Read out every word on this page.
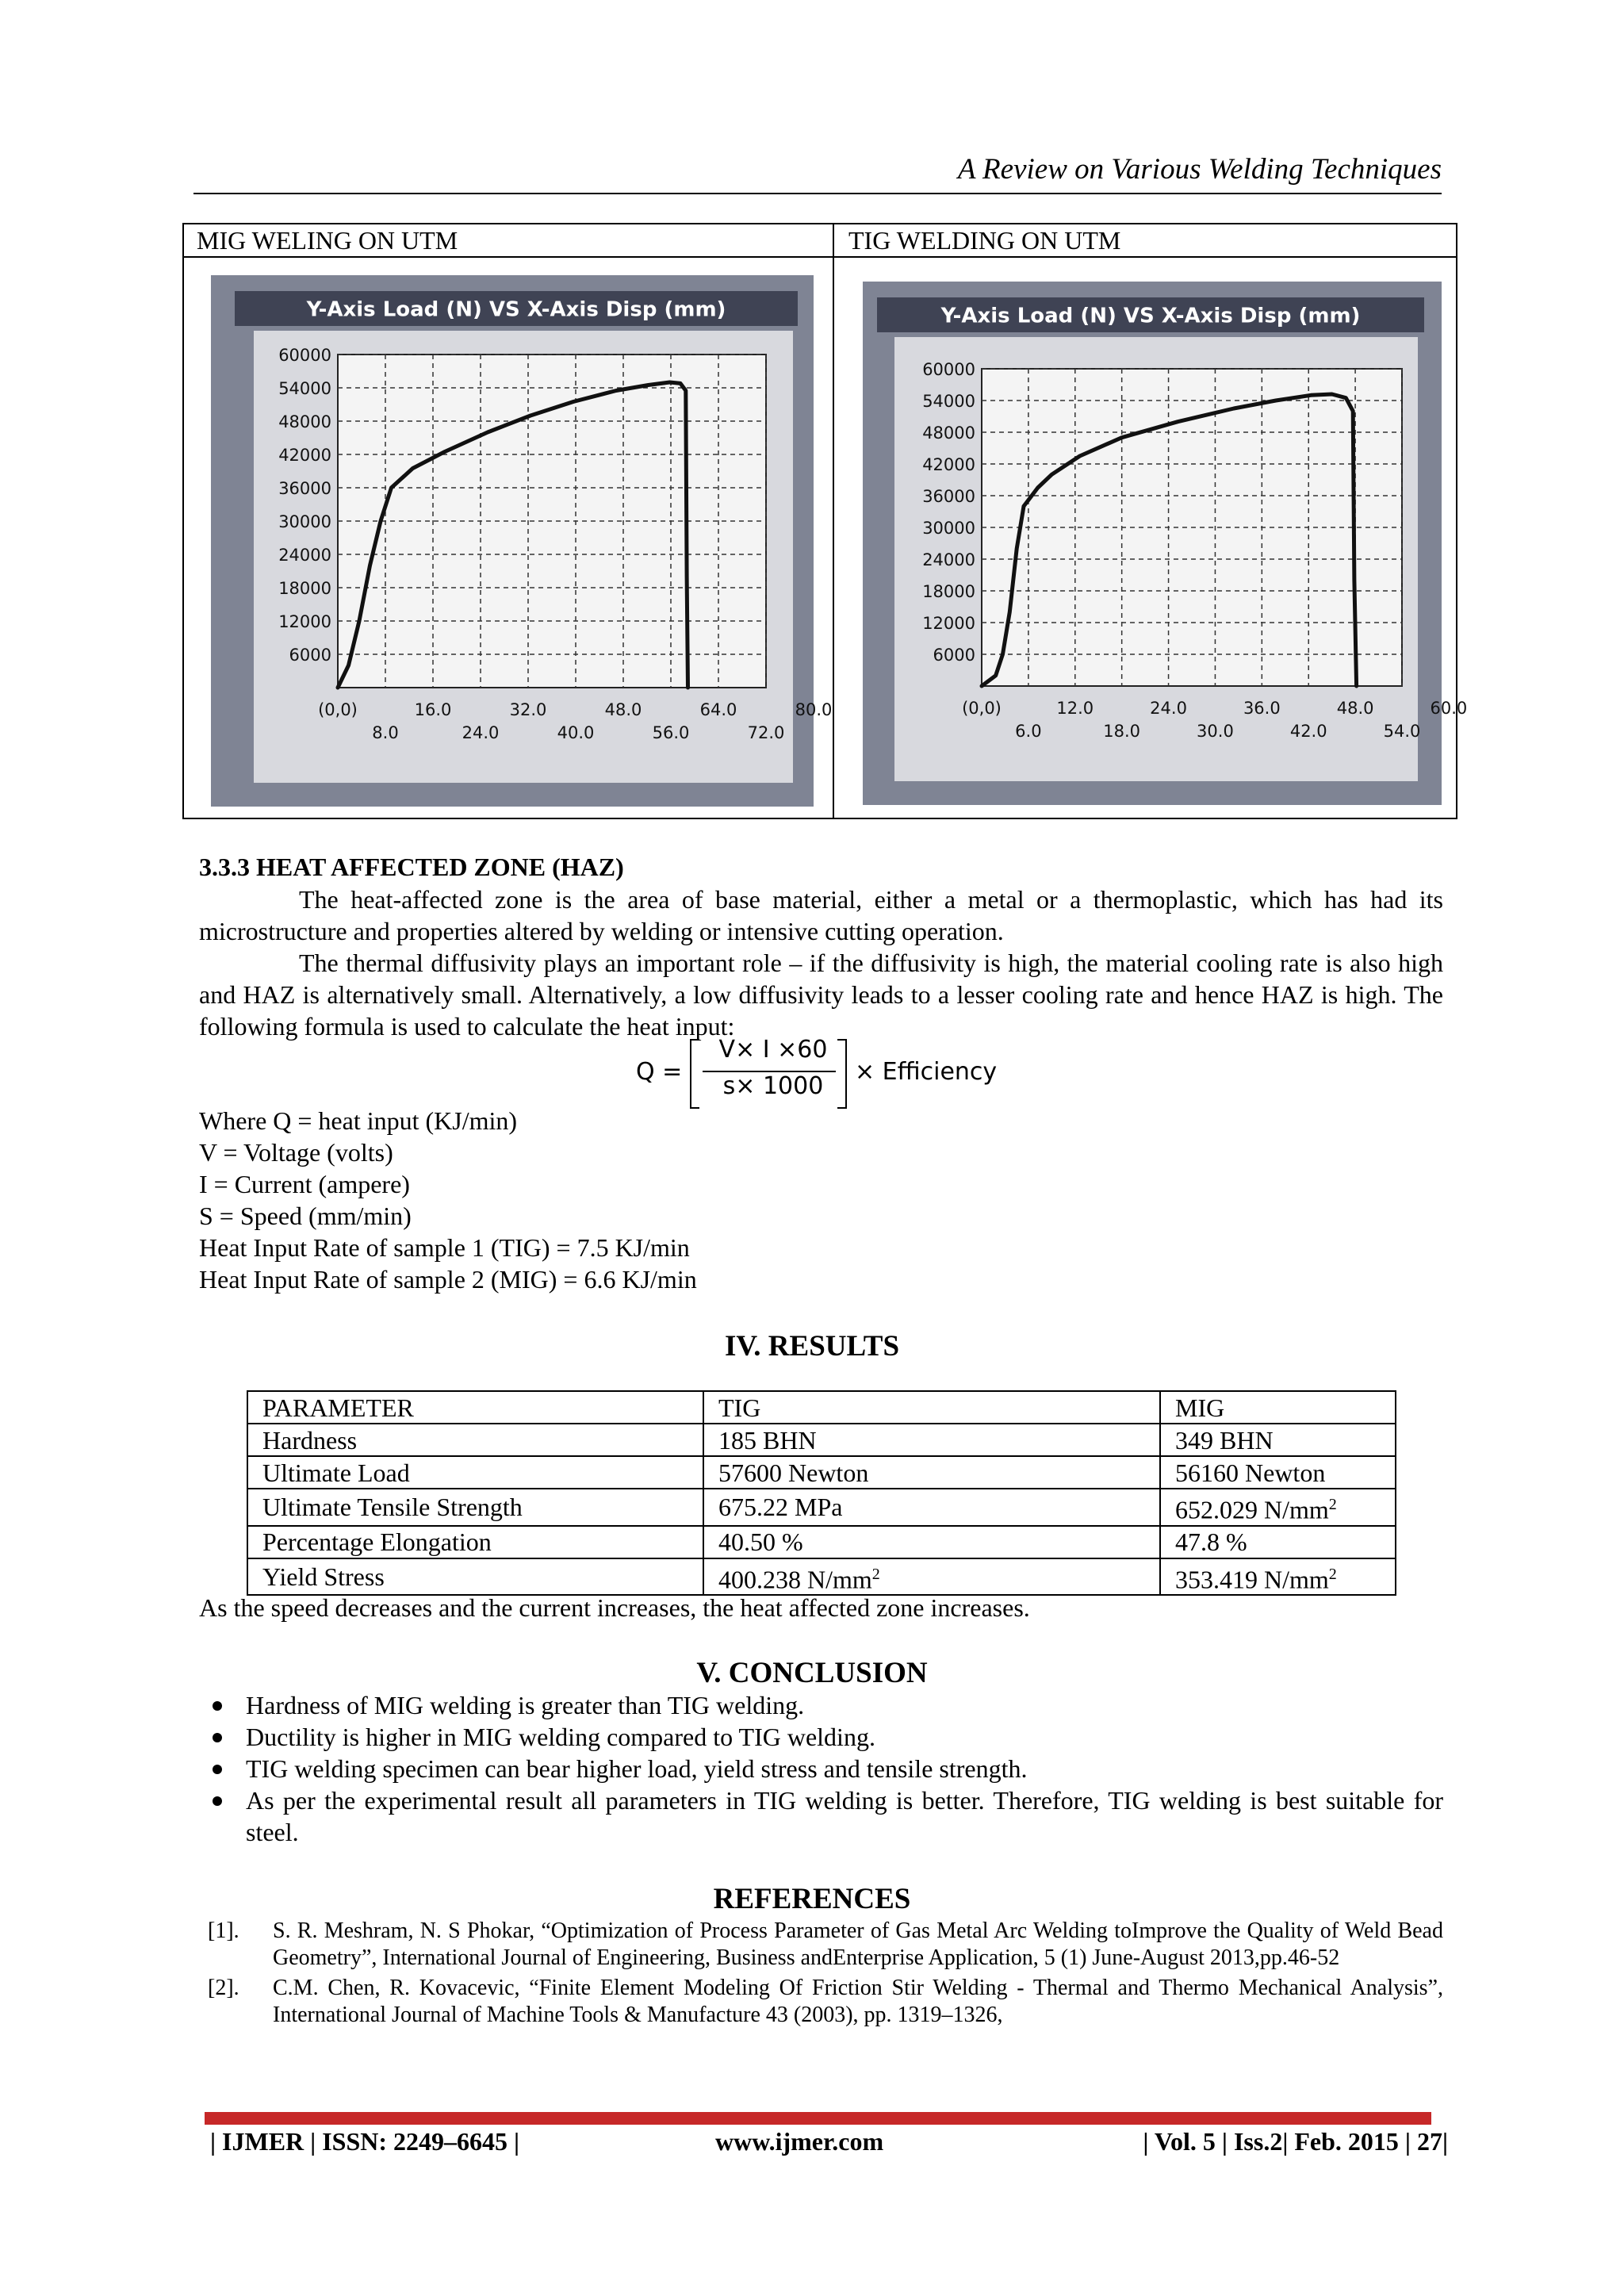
A Review on Various Welding Techniques
MIG WELING ON UTM
Y-Axis Load (N) VS X-Axis Disp (mm)
60000
54000
48000
42000
36000
30000
24000
18000
12000
6000
(0,0)	16.0	32.0	48.0	64.0	80.0
8.0	24.0	40.0	56.0	72.0
TIG WELDING ON UTM
Y-Axis Load (N) VS X-Axis Disp (mm)
60000
54000
48000
42000
36000
30000
24000
18000
12000
6000
(0,0)	12.0	24.0	36.0	48.0	60.0
6.0	18.0	30.0	42.0	54.0
3.3.3 HEAT AFFECTED ZONE (HAZ)
The heat-affected zone is the area of base material, either a metal or a thermoplastic, which has had its microstructure and properties altered by welding or intensive cutting operation.
The thermal diffusivity plays an important role – if the diffusivity is high, the material cooling rate is also high and HAZ is alternatively small. Alternatively, a low diffusivity leads to a lesser cooling rate and hence HAZ is high. The following formula is used to calculate the heat input:
Q =
V× I ×60
s× 1000
× Efficiency
Where Q = heat input (KJ/min)
V = Voltage (volts)
I = Current (ampere)
S = Speed (mm/min)
Heat Input Rate of sample 1 (TIG) = 7.5 KJ/min
Heat Input Rate of sample 2 (MIG) = 6.6 KJ/min
IV. RESULTS
PARAMETER	TIG	MIG
Hardness	185 BHN	349 BHN
Ultimate Load	57600 Newton	56160 Newton
Ultimate Tensile Strength	675.22 MPa	652.029 $N/mm^2$
Percentage Elongation	40.50 %	47.8 %
Yield Stress	400.238 $N/mm^2$	353.419 $N/mm^2$
As the speed decreases and the current increases, the heat affected zone increases.
V. CONCLUSION
Hardness of MIG welding is greater than TIG welding.
Ductility is higher in MIG welding compared to TIG welding.
TIG welding specimen can bear higher load, yield stress and tensile strength.
As per the experimental result all parameters in TIG welding is better. Therefore, TIG welding is best suitable for steel.
REFERENCES
[1]. S. R. Meshram, N. S Phokar, “Optimization of Process Parameter of Gas Metal Arc Welding toImprove the Quality of Weld Bead Geometry”, International Journal of Engineering, Business andEnterprise Application, 5 (1) June-August 2013,pp.46-52
[2]. C.M. Chen, R. Kovacevic, “Finite Element Modeling Of Friction Stir Welding - Thermal and Thermo Mechanical Analysis”, International Journal of Machine Tools & Manufacture 43 (2003), pp. 1319–1326,
| IJMER | ISSN: 2249–6645 |	www.ijmer.com	| Vol. 5 | Iss.2| Feb. 2015 | 27|
